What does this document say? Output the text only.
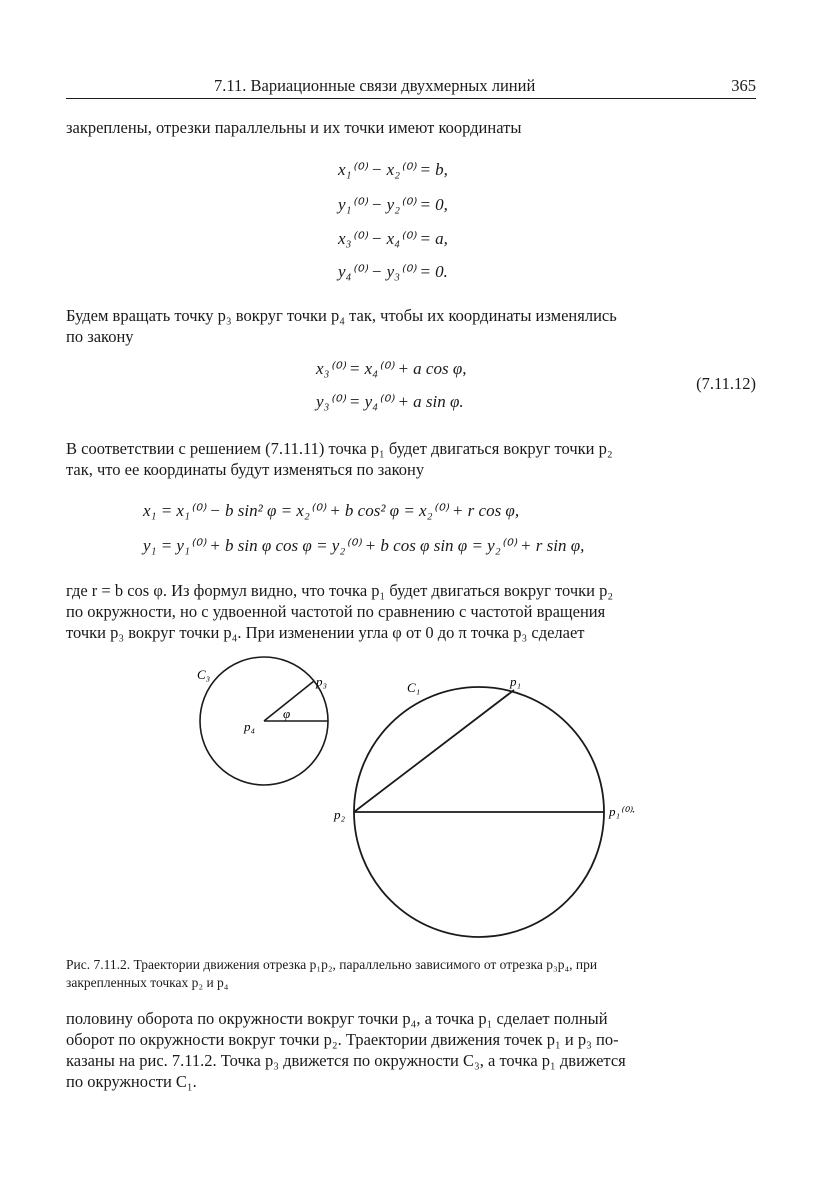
7.11. Вариационные связи двухмерных линий	365
закреплены, отрезки параллельны и их точки имеют координаты
x₁⁽⁰⁾ − x₂⁽⁰⁾ = b,
y₁⁽⁰⁾ − y₂⁽⁰⁾ = 0,
x₃⁽⁰⁾ − x₄⁽⁰⁾ = a,
y₄⁽⁰⁾ − y₃⁽⁰⁾ = 0.
Будем вращать точку p₃ вокруг точки p₄ так, чтобы их координаты изменялись
по закону
x₃⁽⁰⁾ = x₄⁽⁰⁾ + a cos φ,
y₃⁽⁰⁾ = y₄⁽⁰⁾ + a sin φ.
(7.11.12)
В соответствии с решением (7.11.11) точка p₁ будет двигаться вокруг точки p₂
так, что ее координаты будут изменяться по закону
x₁ = x₁⁽⁰⁾ − b sin² φ = x₂⁽⁰⁾ + b cos² φ = x₂⁽⁰⁾ + r cos φ,
y₁ = y₁⁽⁰⁾ + b sin φ cos φ = y₂⁽⁰⁾ + b cos φ sin φ = y₂⁽⁰⁾ + r sin φ,
где r = b cos φ. Из формул видно, что точка p₁ будет двигаться вокруг точки p₂
по окружности, но с удвоенной частотой по сравнению с частотой вращения
точки p₃ вокруг точки p₄. При изменении угла φ от 0 до π точка p₃ сделает
C₃	p₃
p₄
φ
C₁	p₁
p₂	p₁⁽⁰⁾·
Рис. 7.11.2. Траектории движения отрезка p₁p₂, параллельно зависимого от отрезка p₃p₄, при
закрепленных точках p₂ и p₄
половину оборота по окружности вокруг точки p₄, а точка p₁ сделает полный
оборот по окружности вокруг точки p₂. Траектории движения точек p₁ и p₃ по-
казаны на рис. 7.11.2. Точка p₃ движется по окружности C₃, а точка p₁ движется
по окружности C₁.
